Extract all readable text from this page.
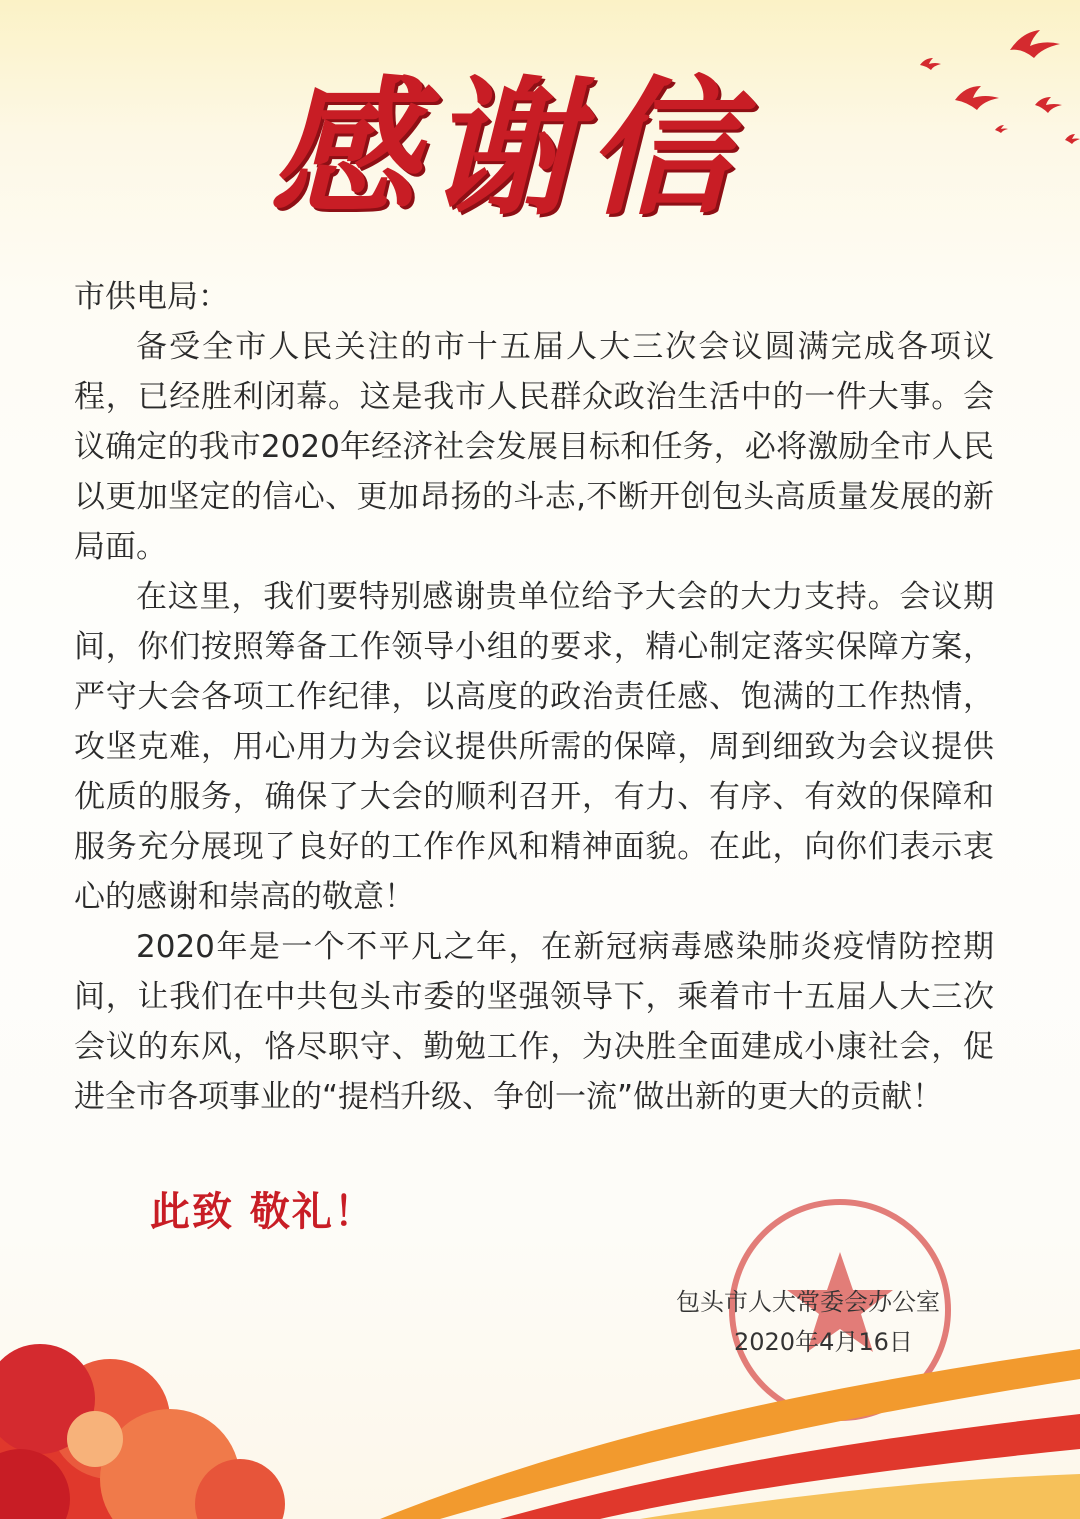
感谢信

市供电局：

备受全市人民关注的市十五届人大三次会议圆满完成各项议程，已经胜利闭幕。这是我市人民群众政治生活中的一件大事。会议确定的我市2020年经济社会发展目标和任务，必将激励全市人民以更加坚定的信心、更加昂扬的斗志,不断开创包头高质量发展的新局面。

在这里，我们要特别感谢贵单位给予大会的大力支持。会议期间，你们按照筹备工作领导小组的要求，精心制定落实保障方案，严守大会各项工作纪律，以高度的政治责任感、饱满的工作热情，攻坚克难，用心用力为会议提供所需的保障，周到细致为会议提供优质的服务，确保了大会的顺利召开，有力、有序、有效的保障和服务充分展现了良好的工作作风和精神面貌。在此，向你们表示衷心的感谢和崇高的敬意！

2020年是一个不平凡之年，在新冠病毒感染肺炎疫情防控期间，让我们在中共包头市委的坚强领导下，乘着市十五届人大三次会议的东风，恪尽职守、勤勉工作，为决胜全面建成小康社会，促进全市各项事业的“提档升级、争创一流”做出新的更大的贡献！

此致 敬礼！

包头市人大常委会办公室

2020年4月16日
